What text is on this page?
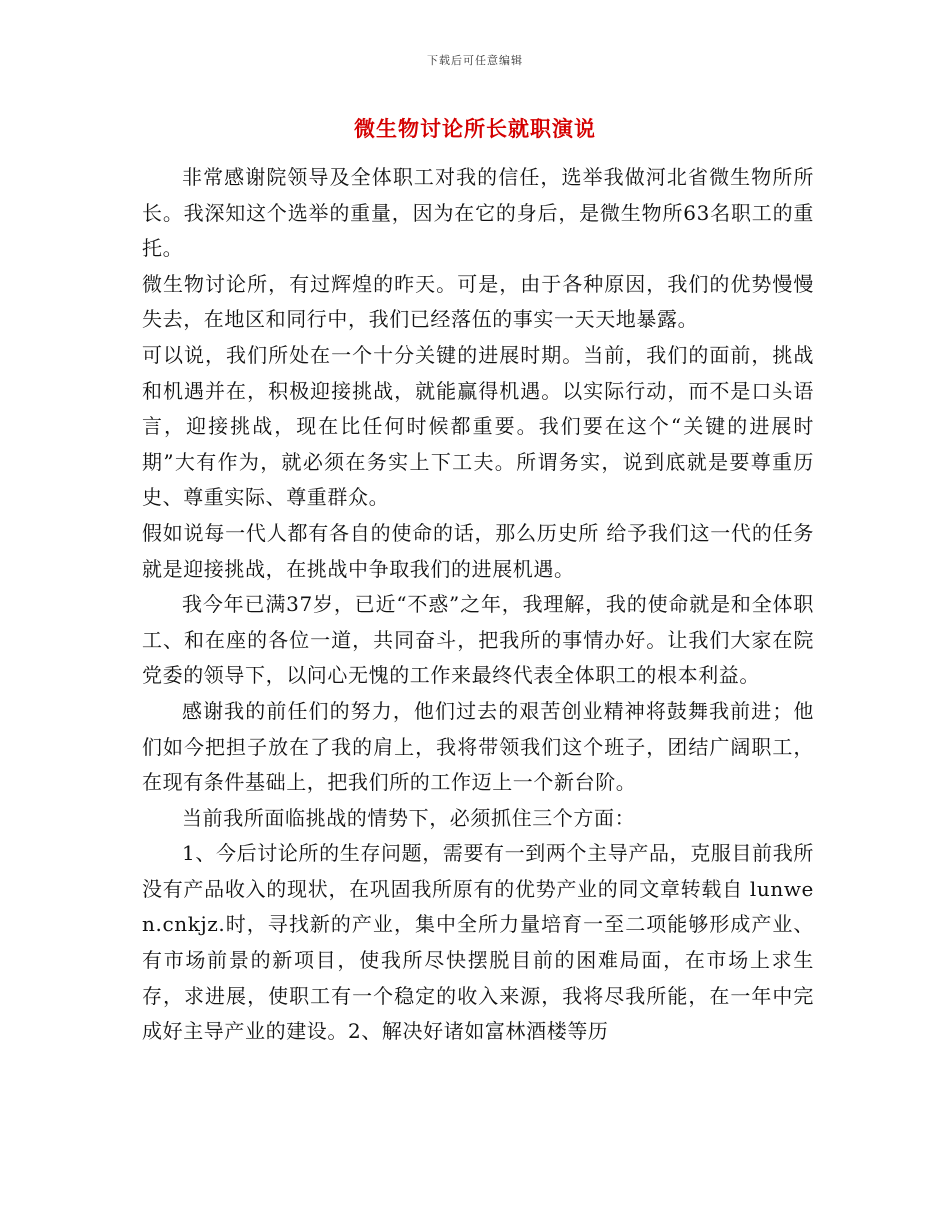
下载后可任意编辑
微生物讨论所长就职演说

非常感谢院领导及全体职工对我的信任，选举我做河北省微生物所所长。我深知这个选举的重量，因为在它的身后，是微生物所63名职工的重托。

微生物讨论所，有过辉煌的昨天。可是，由于各种原因，我们的优势慢慢失去，在地区和同行中，我们已经落伍的事实一天天地暴露。

可以说，我们所处在一个十分关键的进展时期。当前，我们的面前，挑战和机遇并在，积极迎接挑战，就能赢得机遇。以实际行动，而不是口头语言，迎接挑战，现在比任何时候都重要。我们要在这个“关键的进展时期”大有作为，就必须在务实上下工夫。所谓务实，说到底就是要尊重历史、尊重实际、尊重群众。

假如说每一代人都有各自的使命的话，那么历史所 给予我们这一代的任务就是迎接挑战，在挑战中争取我们的进展机遇。

我今年已满37岁，已近“不惑”之年，我理解，我的使命就是和全体职工、和在座的各位一道，共同奋斗，把我所的事情办好。让我们大家在院党委的领导下，以问心无愧的工作来最终代表全体职工的根本利益。

感谢我的前任们的努力，他们过去的艰苦创业精神将鼓舞我前进；他们如今把担子放在了我的肩上，我将带领我们这个班子，团结广阔职工，在现有条件基础上，把我们所的工作迈上一个新台阶。

当前我所面临挑战的情势下，必须抓住三个方面：

1、今后讨论所的生存问题，需要有一到两个主导产品，克服目前我所没有产品收入的现状，在巩固我所原有的优势产业的同文章转载自 lunwen.cnkjz.时，寻找新的产业，集中全所力量培育一至二项能够形成产业、有市场前景的新项目，使我所尽快摆脱目前的困难局面，在市场上求生存，求进展，使职工有一个稳定的收入来源，我将尽我所能，在一年中完成好主导产业的建设。2、解决好诸如富林酒楼等历
